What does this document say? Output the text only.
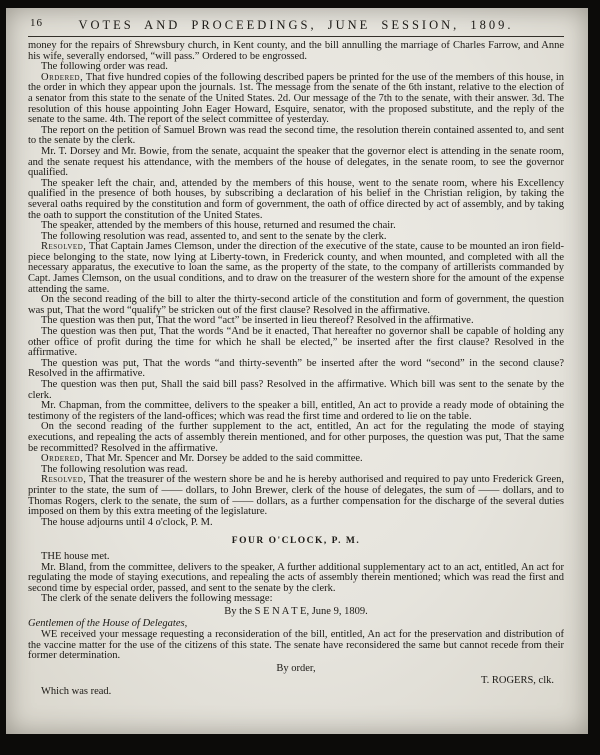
16	VOTES AND PROCEEDINGS, JUNE SESSION, 1809.

money for the repairs of Shrewsbury church, in Kent county, and the bill annulling the marriage of Charles Farrow, and Anne his wife, severally endorsed, “will pass.” Ordered to be engrossed.

The following order was read.

Ordered, That five hundred copies of the following described papers be printed for the use of the members of this house, in the order in which they appear upon the journals. 1st. The message from the senate of the 6th instant, relative to the election of a senator from this state to the senate of the United States. 2d. Our message of the 7th to the senate, with their answer. 3d. The resolution of this house appointing John Eager Howard, Esquire, senator, with the proposed substitute, and the reply of the senate to the same. 4th. The report of the select committee of yesterday.

The report on the petition of Samuel Brown was read the second time, the resolution therein contained assented to, and sent to the senate by the clerk.

Mr. T. Dorsey and Mr. Bowie, from the senate, acquaint the speaker that the governor elect is attending in the senate room, and the senate request his attendance, with the members of the house of delegates, in the senate room, to see the governor qualified.

The speaker left the chair, and, attended by the members of this house, went to the senate room, where his Excellency qualified in the presence of both houses, by subscribing a declaration of his belief in the Christian religion, by taking the several oaths required by the constitution and form of government, the oath of office directed by act of assembly, and by taking the oath to support the constitution of the United States.

The speaker, attended by the members of this house, returned and resumed the chair.

The following resolution was read, assented to, and sent to the senate by the clerk.

Resolved, That Captain James Clemson, under the direction of the executive of the state, cause to be mounted an iron field-piece belonging to the state, now lying at Liberty-town, in Frederick county, and when mounted, and completed with all the necessary apparatus, the executive to loan the same, as the property of the state, to the company of artillerists commanded by Capt. James Clemson, on the usual conditions, and to draw on the treasurer of the western shore for the amount of the expense attending the same.

On the second reading of the bill to alter the thirty-second article of the constitution and form of government, the question was put, That the word “qualify” be stricken out of the first clause? Resolved in the affirmative.

The question was then put, That the word “act” be inserted in lieu thereof? Resolved in the affirmative.

The question was then put, That the words “And be it enacted, That hereafter no governor shall be capable of holding any other office of profit during the time for which he shall be elected,” be inserted after the first clause? Resolved in the affirmative.

The question was put, That the words “and thirty-seventh” be inserted after the word “second” in the second clause? Resolved in the affirmative.

The question was then put, Shall the said bill pass? Resolved in the affirmative. Which bill was sent to the senate by the clerk.

Mr. Chapman, from the committee, delivers to the speaker a bill, entitled, An act to provide a ready mode of obtaining the testimony of the registers of the land-offices; which was read the first time and ordered to lie on the table.

On the second reading of the further supplement to the act, entitled, An act for the regulating the mode of staying executions, and repealing the acts of assembly therein mentioned, and for other purposes, the question was put, That the same be recommitted? Resolved in the affirmative.

Ordered, That Mr. Spencer and Mr. Dorsey be added to the said committee.

The following resolution was read.

Resolved, That the treasurer of the western shore be and he is hereby authorised and required to pay unto Frederick Green, printer to the state, the sum of —— dollars, to John Brewer, clerk of the house of delegates, the sum of —— dollars, and to Thomas Rogers, clerk to the senate, the sum of —— dollars, as a further compensation for the discharge of the several duties imposed on them by this extra meeting of the legislature.

The house adjourns until 4 o'clock, P. M.

FOUR O'CLOCK, P. M.

THE house met.

Mr. Bland, from the committee, delivers to the speaker, A further additional supplementary act to an act, entitled, An act for regulating the mode of staying executions, and repealing the acts of assembly therein mentioned; which was read the first and second time by especial order, passed, and sent to the senate by the clerk.

The clerk of the senate delivers the following message:

By the S E N A T E, June 9, 1809.

Gentlemen of the House of Delegates,

WE received your message requesting a reconsideration of the bill, entitled, An act for the preservation and distribution of the vaccine matter for the use of the citizens of this state. The senate have reconsidered the same but cannot recede from their former determination.

By order,

T. ROGERS, clk.

Which was read.
